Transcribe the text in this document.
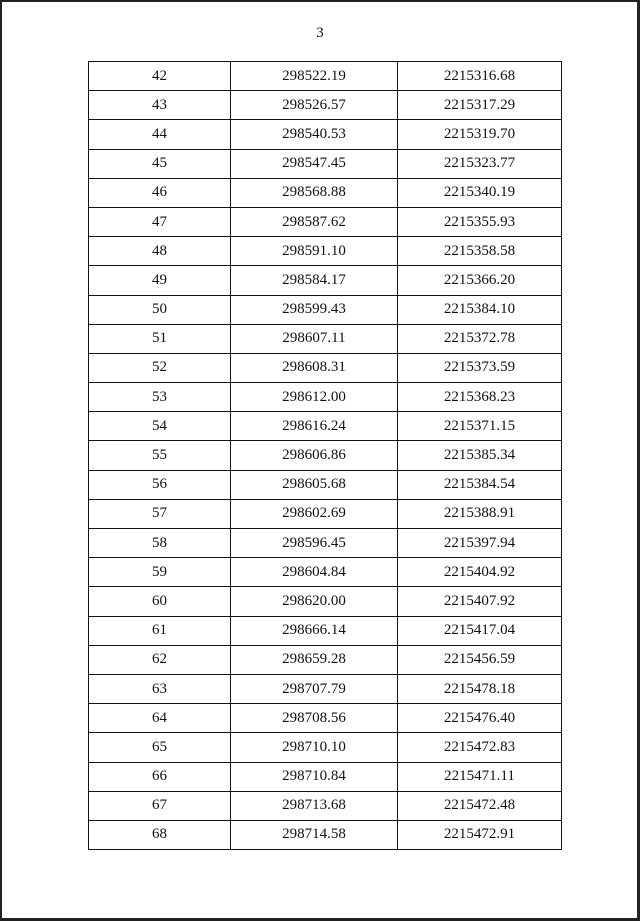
3
42	298522.19	2215316.68
43	298526.57	2215317.29
44	298540.53	2215319.70
45	298547.45	2215323.77
46	298568.88	2215340.19
47	298587.62	2215355.93
48	298591.10	2215358.58
49	298584.17	2215366.20
50	298599.43	2215384.10
51	298607.11	2215372.78
52	298608.31	2215373.59
53	298612.00	2215368.23
54	298616.24	2215371.15
55	298606.86	2215385.34
56	298605.68	2215384.54
57	298602.69	2215388.91
58	298596.45	2215397.94
59	298604.84	2215404.92
60	298620.00	2215407.92
61	298666.14	2215417.04
62	298659.28	2215456.59
63	298707.79	2215478.18
64	298708.56	2215476.40
65	298710.10	2215472.83
66	298710.84	2215471.11
67	298713.68	2215472.48
68	298714.58	2215472.91
